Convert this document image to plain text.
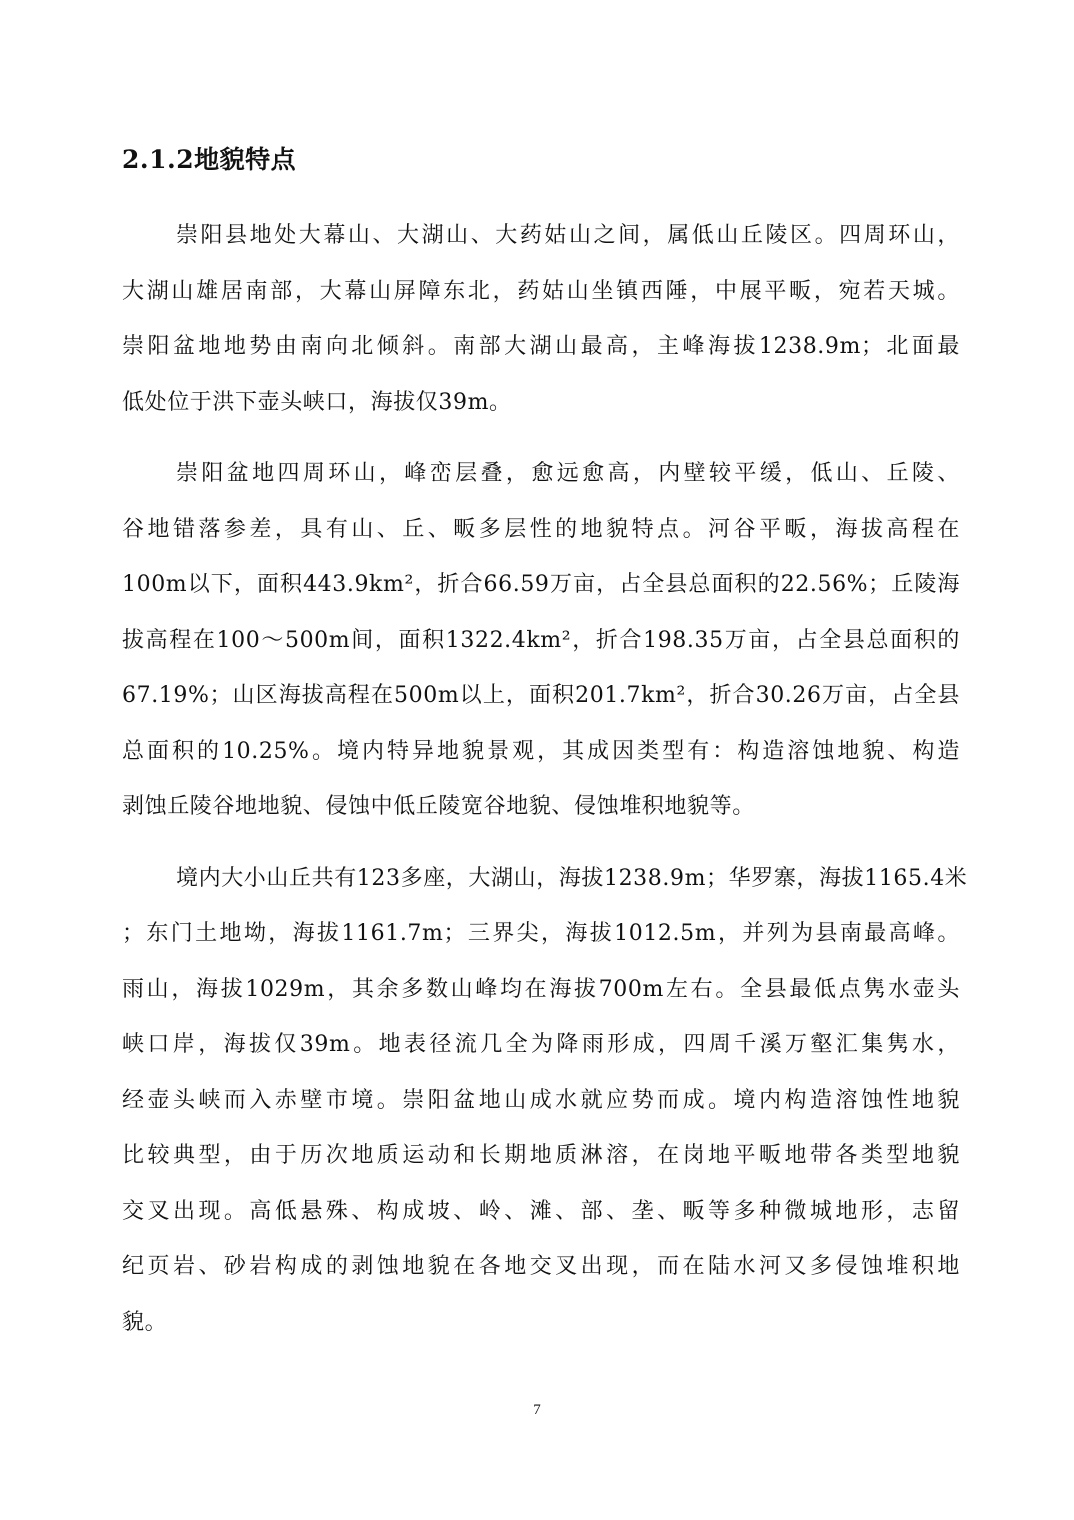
2.1.2地貌特点

崇阳县地处大幕山、大湖山、大药姑山之间，属低山丘陵区。四周环山，
大湖山雄居南部，大幕山屏障东北，药姑山坐镇西陲，中展平畈，宛若天城。
崇阳盆地地势由南向北倾斜。南部大湖山最高，主峰海拔1238.9m；北面最
低处位于洪下壶头峡口，海拔仅39m。

崇阳盆地四周环山，峰峦层叠，愈远愈高，内壁较平缓，低山、丘陵、
谷地错落参差，具有山、丘、畈多层性的地貌特点。河谷平畈，海拔高程在
100m以下，面积443.9km²，折合66.59万亩，占全县总面积的22.56%；丘陵海
拔高程在100～500m间，面积1322.4km²，折合198.35万亩，占全县总面积的
67.19%；山区海拔高程在500m以上，面积201.7km²，折合30.26万亩，占全县
总面积的10.25%。境内特异地貌景观，其成因类型有：构造溶蚀地貌、构造
剥蚀丘陵谷地地貌、侵蚀中低丘陵宽谷地貌、侵蚀堆积地貌等。

境内大小山丘共有123多座，大湖山，海拔1238.9m；华罗寨，海拔1165.4米
；东门土地坳，海拔1161.7m；三界尖，海拔1012.5m，并列为县南最高峰。
雨山，海拔1029m，其余多数山峰均在海拔700m左右。全县最低点隽水壶头
峡口岸，海拔仅39m。地表径流几全为降雨形成，四周千溪万壑汇集隽水，
经壶头峡而入赤壁市境。崇阳盆地山成水就应势而成。境内构造溶蚀性地貌
比较典型，由于历次地质运动和长期地质淋溶，在岗地平畈地带各类型地貌
交叉出现。高低悬殊、构成坡、岭、滩、部、垄、畈等多种微城地形，志留
纪页岩、砂岩构成的剥蚀地貌在各地交叉出现，而在陆水河又多侵蚀堆积地
貌。

7
